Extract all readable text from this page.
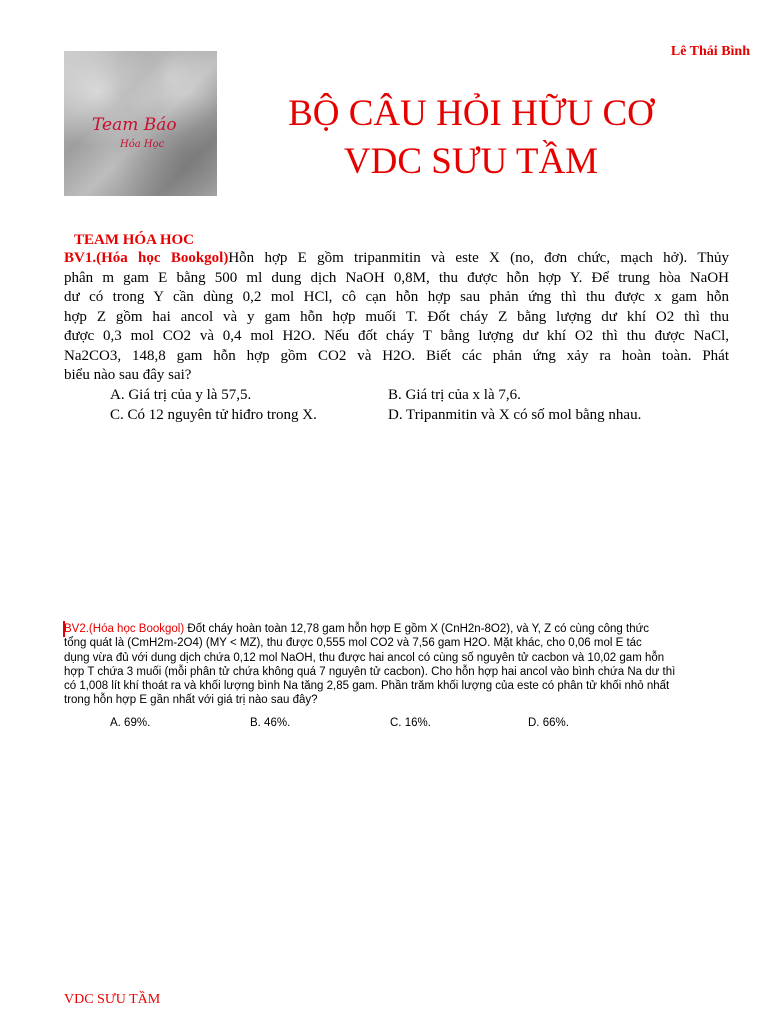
Lê Thái Bình
Team Báo
Hóa Học
BỘ CÂU HỎI HỮU CƠ
VDC SƯU TẦM
TEAM HÓA HOC
BV1.(Hóa học Bookgol)Hỗn hợp E gồm tripanmitin và este X (no, đơn chức, mạch hở). Thủy
phân m gam E bằng 500 ml dung dịch NaOH 0,8M, thu được hỗn hợp Y. Để trung hòa NaOH
dư có trong Y cần dùng 0,2 mol HCl, cô cạn hỗn hợp sau phản ứng thì thu được x gam hỗn
hợp Z gồm hai ancol và y gam hỗn hợp muối T. Đốt cháy Z bằng lượng dư khí O2 thì thu
được 0,3 mol CO2 và 0,4 mol H2O. Nếu đốt cháy T bằng lượng dư khí O2 thì thu được NaCl,
Na2CO3, 148,8 gam hỗn hợp gồm CO2 và H2O. Biết các phản ứng xảy ra hoàn toàn. Phát
biểu nào sau đây sai?
A. Giá trị của y là 57,5.	B. Giá trị của x là 7,6.
C. Có 12 nguyên tử hiđro trong X.	D. Tripanmitin và X có số mol bằng nhau.
BV2.(Hóa học Bookgol) Đốt cháy hoàn toàn 12,78 gam hỗn hợp E gồm X (CnH2n-8O2), và Y, Z có cùng công thức
tổng quát là (CmH2m-2O4) (MY < MZ), thu được 0,555 mol CO2 và 7,56 gam H2O. Mặt khác, cho 0,06 mol E tác
dụng vừa đủ với dung dịch chứa 0,12 mol NaOH, thu được hai ancol có cùng số nguyên tử cacbon và 10,02 gam hỗn
hợp T chứa 3 muối (mỗi phân tử chứa không quá 7 nguyên tử cacbon). Cho hỗn hợp hai ancol vào bình chứa Na dư thì
có 1,008 lít khí thoát ra và khối lượng bình Na tăng 2,85 gam. Phần trăm khối lượng của este có phân tử khối nhỏ nhất
trong hỗn hợp E gần nhất với giá trị nào sau đây?
A. 69%.	B. 46%.	C. 16%.	D. 66%.
VDC SƯU TẦM
